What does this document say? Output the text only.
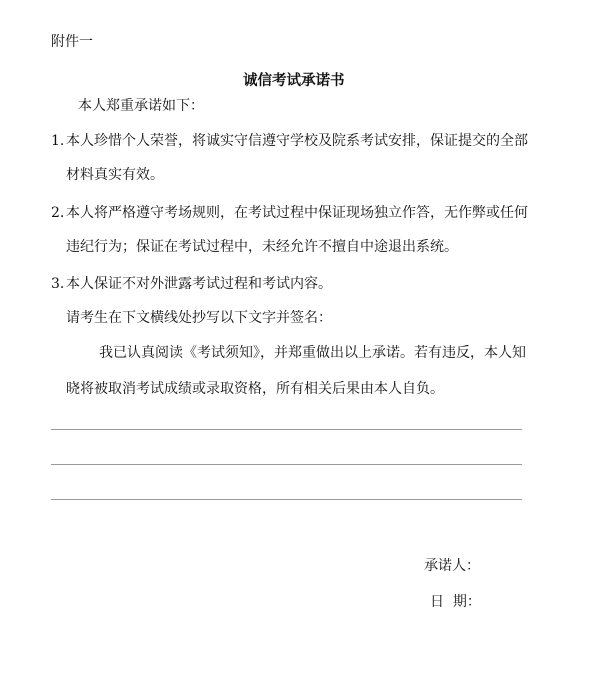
附件一
诚信考试承诺书
本人郑重承诺如下：
1. 本人珍惜个人荣誉，将诚实守信遵守学校及院系考试安排，保证提交的全部
材料真实有效。
2. 本人将严格遵守考场规则，在考试过程中保证现场独立作答，无作弊或任何
违纪行为；保证在考试过程中，未经允许不擅自中途退出系统。
3. 本人保证不对外泄露考试过程和考试内容。
请考生在下文横线处抄写以下文字并签名：
我已认真阅读《考试须知》，并郑重做出以上承诺。若有违反，本人知
晓将被取消考试成绩或录取资格，所有相关后果由本人自负。
承诺人：
日  期：
